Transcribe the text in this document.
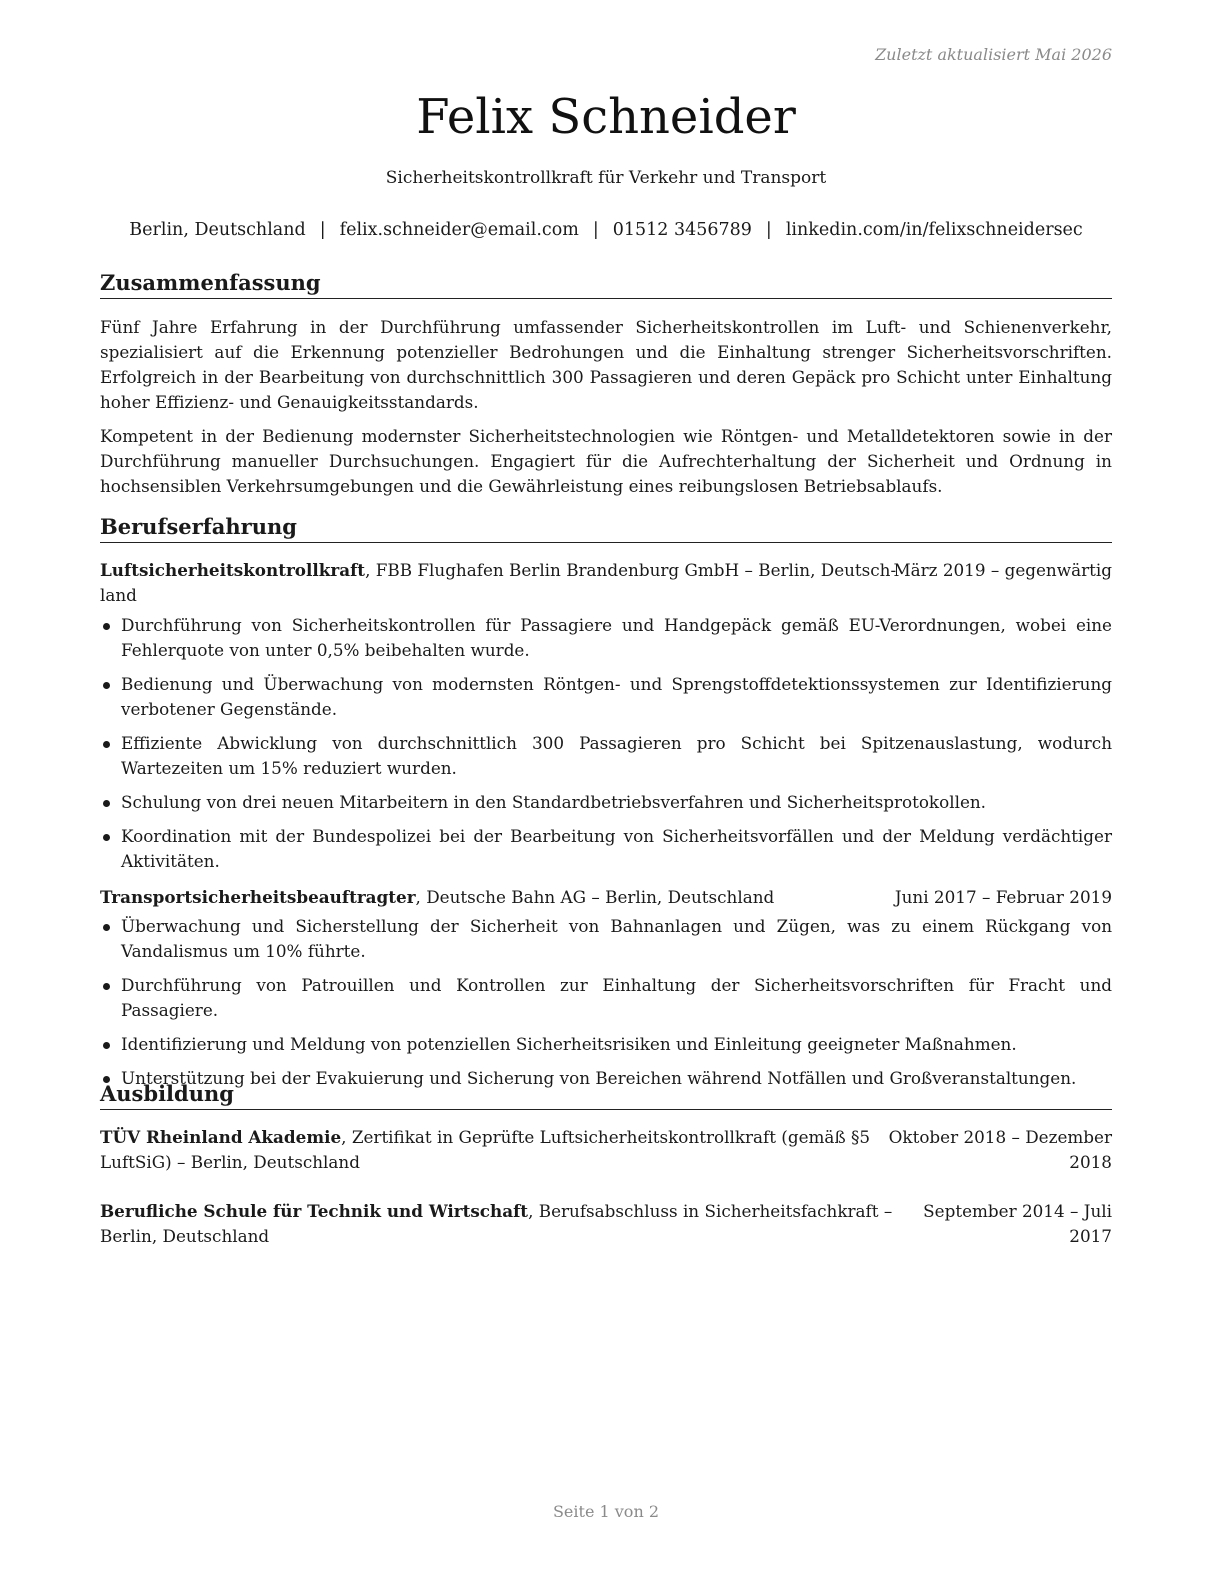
Zuletzt aktualisiert Mai 2026
Felix Schneider
Sicherheitskontrollkraft für Verkehr und Transport
Berlin, Deutschland | felix.schneider@email.com | 01512 3456789 | linkedin.com/in/felixschneidersec
Zusammenfassung

Fünf Jahre Erfahrung in der Durchführung umfassender Sicherheitskontrollen im Luft- und Schienenverkehr, spezialisiert auf die Erkennung potenzieller Bedrohungen und die Einhaltung strenger Sicherheitsvorschriften. Erfolgreich in der Bearbeitung von durchschnittlich 300 Passagieren und deren Gepäck pro Schicht unter Einhaltung hoher Effizienz- und Genauigkeitsstandards.

Kompetent in der Bedienung modernster Sicherheitstechnologien wie Röntgen- und Metalldetektoren sowie in der Durchführung manueller Durchsuchungen. Engagiert für die Aufrechterhaltung der Sicherheit und Ordnung in hochsensiblen Verkehrsumgebungen und die Gewährleistung eines reibungslosen Betriebsablaufs.

Berufserfahrung
Luftsicherheitskontrollkraft, FBB Flughafen Berlin Brandenburg GmbH – Berlin, Deutsch-
März 2019 – gegenwärtig
land
Durchführung von Sicherheitskontrollen für Passagiere und Handgepäck gemäß EU-Verordnungen, wobei eine Fehlerquote von unter 0,5% beibehalten wurde.
Bedienung und Überwachung von modernsten Röntgen- und Sprengstoffdetektionssystemen zur Identifizierung verbotener Gegenstände.
Effiziente Abwicklung von durchschnittlich 300 Passagieren pro Schicht bei Spitzenauslastung, wodurch Wartezeiten um 15% reduziert wurden.
Schulung von drei neuen Mitarbeitern in den Standardbetriebsverfahren und Sicherheitsprotokollen.
Koordination mit der Bundespolizei bei der Bearbeitung von Sicherheitsvorfällen und der Meldung verdächtiger Aktivitäten.
Transportsicherheitsbeauftragter, Deutsche Bahn AG – Berlin, Deutschland	Juni 2017 – Februar 2019
Überwachung und Sicherstellung der Sicherheit von Bahnanlagen und Zügen, was zu einem Rückgang von Vandalismus um 10% führte.
Durchführung von Patrouillen und Kontrollen zur Einhaltung der Sicherheitsvorschriften für Fracht und Passagiere.
Identifizierung und Meldung von potenziellen Sicherheitsrisiken und Einleitung geeigneter Maßnahmen.
Unterstützung bei der Evakuierung und Sicherung von Bereichen während Notfällen und Großveranstaltungen.
Ausbildung
TÜV Rheinland Akademie, Zertifikat in Geprüfte Luftsicherheitskontrollkraft (gemäß §5
LuftSiG) – Berlin, Deutschland
Oktober 2018 – Dezember
2018
Berufliche Schule für Technik und Wirtschaft, Berufsabschluss in Sicherheitsfachkraft –
Berlin, Deutschland
September 2014 – Juli
2017
Seite 1 von 2
